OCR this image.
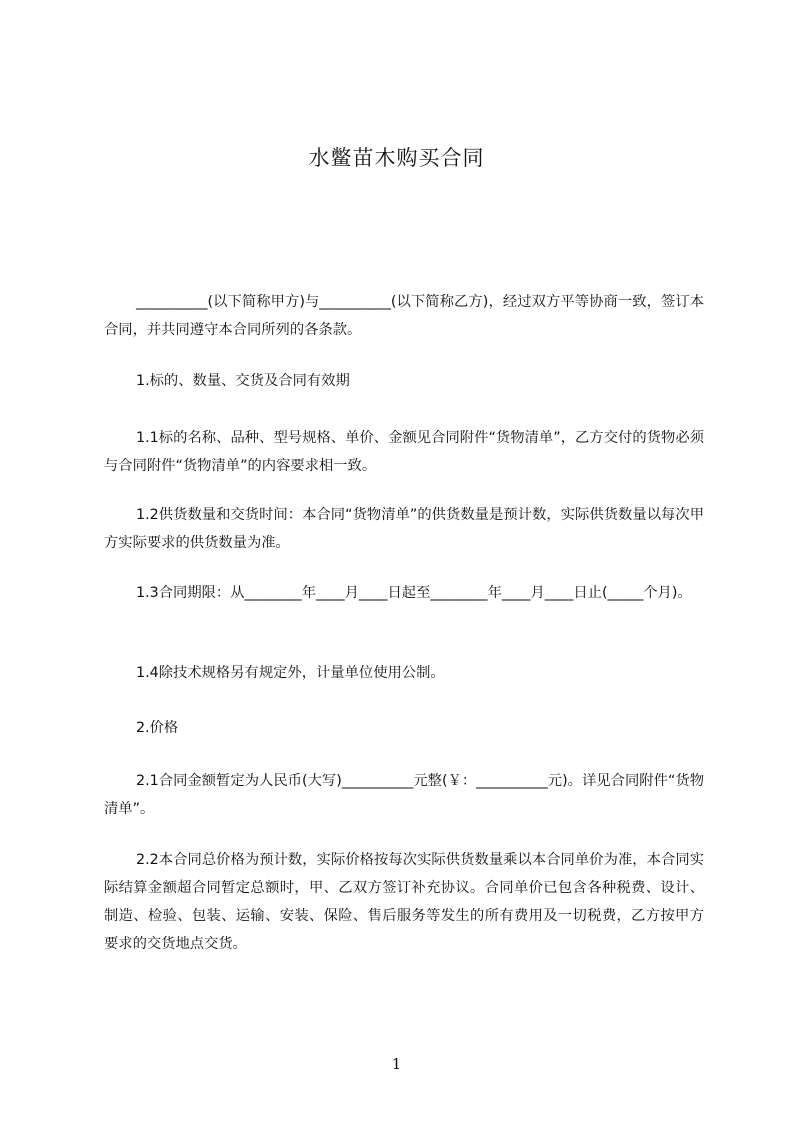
水鳖苗木购买合同
__________(以下简称甲方)与__________(以下简称乙方)，经过双方平等协商一致，签订本合同，并共同遵守本合同所列的各条款。
1.标的、数量、交货及合同有效期
1.1标的名称、品种、型号规格、单价、金额见合同附件“货物清单”，乙方交付的货物必须与合同附件“货物清单”的内容要求相一致。
1.2供货数量和交货时间：本合同“货物清单”的供货数量是预计数，实际供货数量以每次甲方实际要求的供货数量为准。
1.3合同期限：从________年____月____日起至________年____月____日止(_____个月)。
1.4除技术规格另有规定外，计量单位使用公制。
2.价格
2.1合同金额暂定为人民币(大写)__________元整(￥：__________元)。详见合同附件“货物清单”。
2.2本合同总价格为预计数，实际价格按每次实际供货数量乘以本合同单价为准，本合同实际结算金额超合同暂定总额时，甲、乙双方签订补充协议。合同单价已包含各种税费、设计、制造、检验、包装、运输、安装、保险、售后服务等发生的所有费用及一切税费，乙方按甲方要求的交货地点交货。
1
